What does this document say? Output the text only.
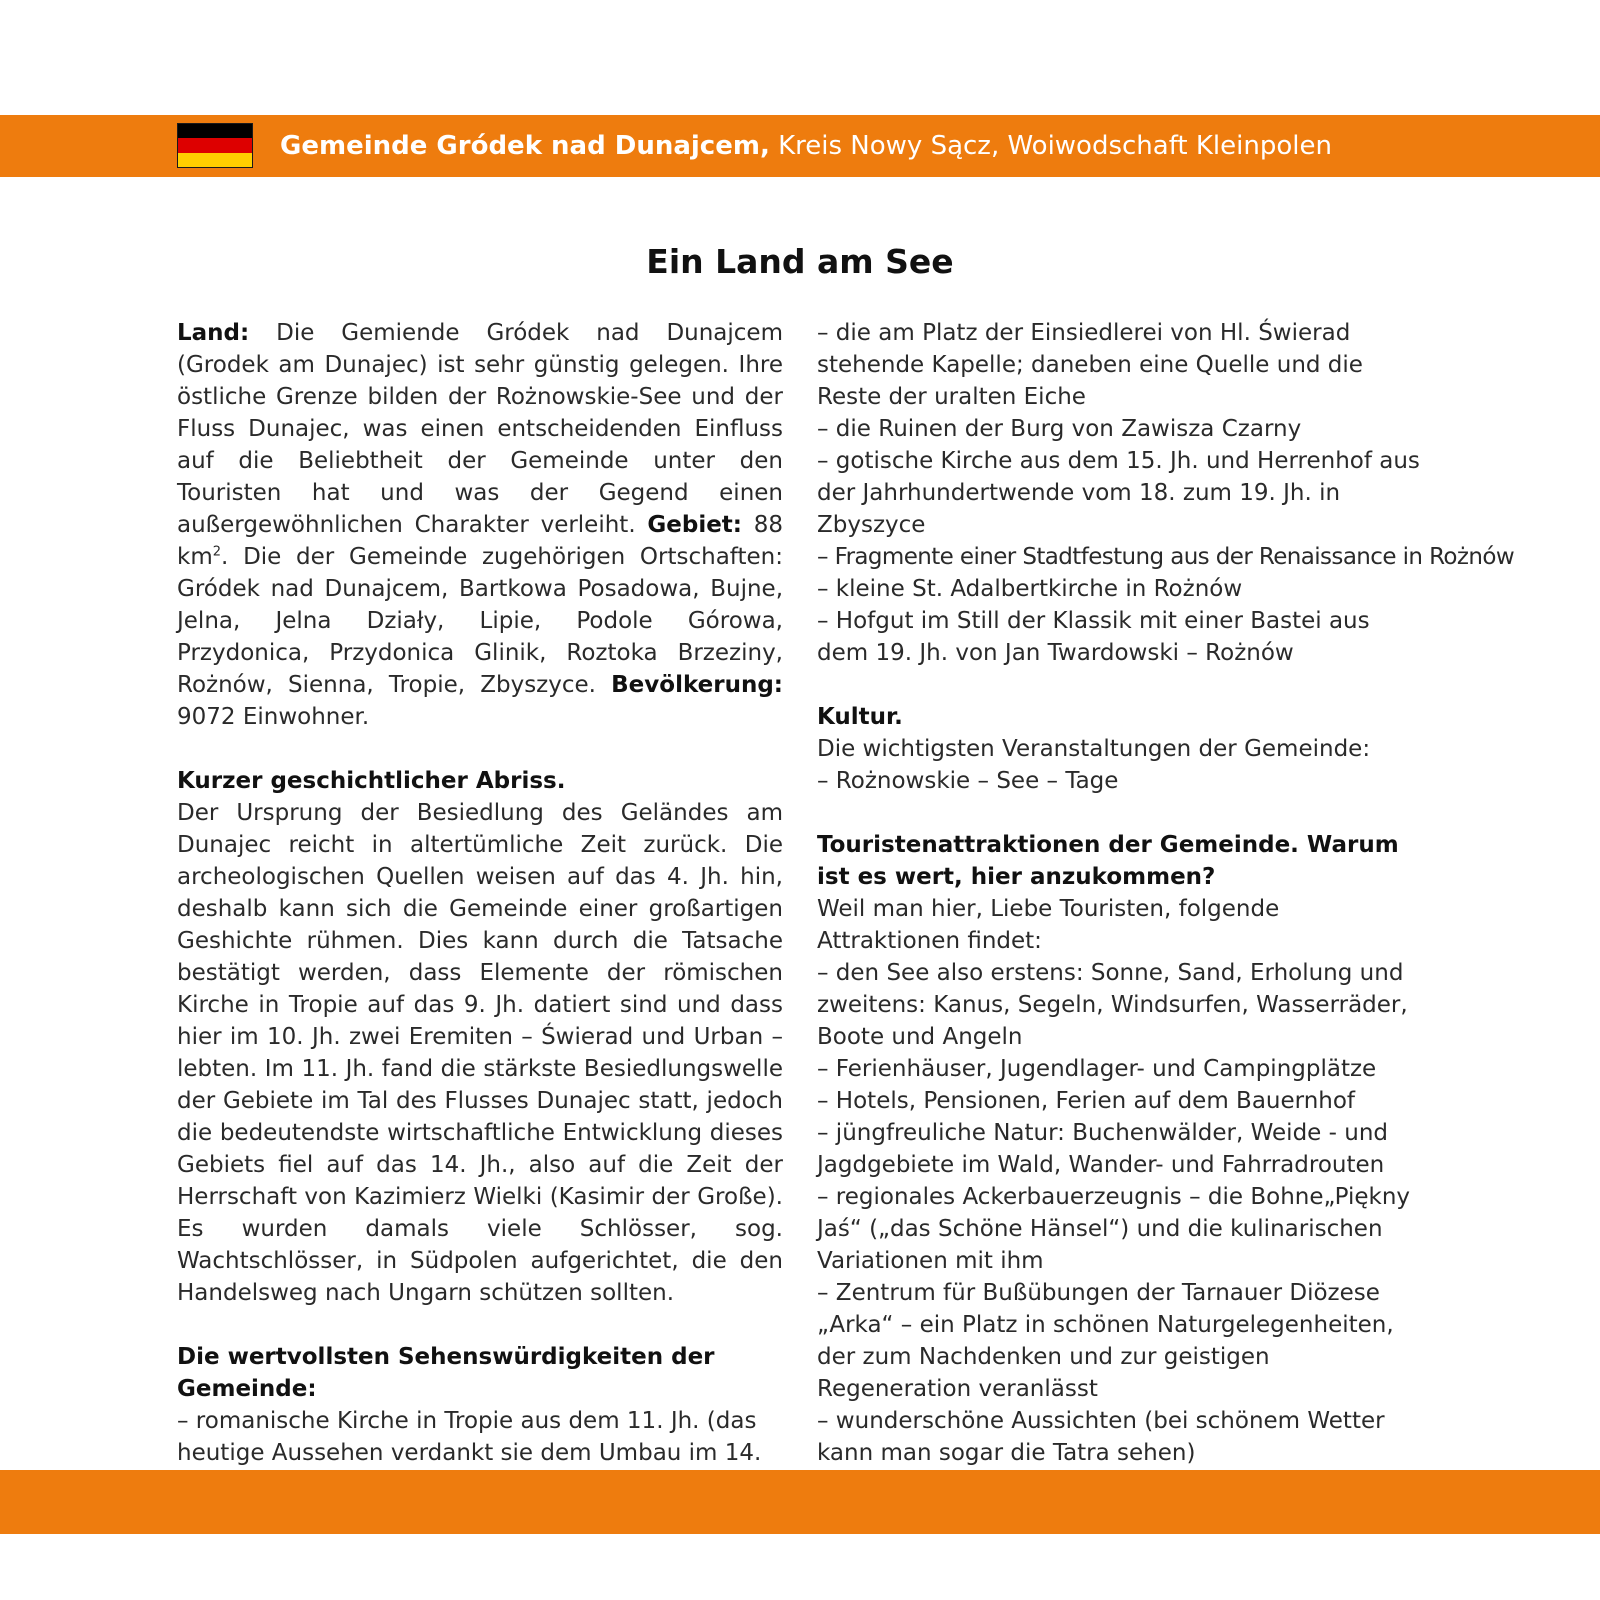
Gemeinde Gródek nad Dunajcem, Kreis Nowy Sącz, Woiwodschaft Kleinpolen
Ein Land am See

Land: Die Gemiende Gródek nad Dunajcem (Grodek am Dunajec) ist sehr günstig gelegen. Ihre östliche Grenze bilden der Rożnowskie-See und der Fluss Dunajec, was einen entscheidenden Einfluss auf die Beliebtheit der Gemeinde unter den Touristen hat und was der Gegend einen außergewöhnlichen Charakter verleiht. Gebiet: 88 $km^2$. Die der Gemeinde zugehörigen Ortschaften: Gródek nad Dunajcem, Bartkowa Posadowa, Bujne, Jelna, Jelna Działy, Lipie, Podole Górowa, Przydonica, Przydonica Glinik, Roztoka Brzeziny, Rożnów, Sienna, Tropie, Zbyszyce. Bevölkerung: 9072 Einwohner.

Kurzer geschichtlicher Abriss.

Der Ursprung der Besiedlung des Geländes am Dunajec reicht in altertümliche Zeit zurück. Die archeologischen Quellen weisen auf das 4. Jh. hin, deshalb kann sich die Gemeinde einer großartigen Geshichte rühmen. Dies kann durch die Tatsache bestätigt werden, dass Elemente der römischen Kirche in Tropie auf das 9. Jh. datiert sind und dass hier im 10. Jh. zwei Eremiten – Świerad und Urban – lebten. Im 11. Jh. fand die stärkste Besiedlungswelle der Gebiete im Tal des Flusses Dunajec statt, jedoch die bedeutendste wirtschaftliche Entwicklung dieses Gebiets fiel auf das 14. Jh., also auf die Zeit der Herrschaft von Kazimierz Wielki (Kasimir der Große). Es wurden damals viele Schlösser, sog. Wachtschlösser, in Südpolen aufgerichtet, die den Handelsweg nach Ungarn schützen sollten.

Die wertvollsten Sehenswürdigkeiten der Gemeinde:

– romanische Kirche in Tropie aus dem 11. Jh. (das heutige Aussehen verdankt sie dem Umbau im 14.

– die am Platz der Einsiedlerei von Hl. Świerad stehende Kapelle; daneben eine Quelle und die Reste der uralten Eiche

– die Ruinen der Burg von Zawisza Czarny

– gotische Kirche aus dem 15. Jh. und Herrenhof aus der Jahrhundertwende vom 18. zum 19. Jh. in Zbyszyce

– Fragmente einer Stadtfestung aus der Renaissance in Rożnów

– kleine St. Adalbertkirche in Rożnów

– Hofgut im Still der Klassik mit einer Bastei aus dem 19. Jh. von Jan Twardowski – Rożnów

Kultur.

Die wichtigsten Veranstaltungen der Gemeinde:

– Rożnowskie – See – Tage

Touristenattraktionen der Gemeinde. Warum ist es wert, hier anzukommen?

Weil man hier, Liebe Touristen, folgende Attraktionen findet:

– den See also erstens: Sonne, Sand, Erholung und zweitens: Kanus, Segeln, Windsurfen, Wasserräder, Boote und Angeln

– Ferienhäuser, Jugendlager- und Campingplätze

– Hotels, Pensionen, Ferien auf dem Bauernhof

– jüngfreuliche Natur: Buchenwälder, Weide - und Jagdgebiete im Wald, Wander- und Fahrradrouten

– regionales Ackerbauerzeugnis – die Bohne„Piękny Jaś“ („das Schöne Hänsel“) und die kulinarischen Variationen mit ihm

– Zentrum für Bußübungen der Tarnauer Diözese „Arka“ – ein Platz in schönen Naturgelegenheiten, der zum Nachdenken und zur geistigen Regeneration veranlässt

– wunderschöne Aussichten (bei schönem Wetter kann man sogar die Tatra sehen)
